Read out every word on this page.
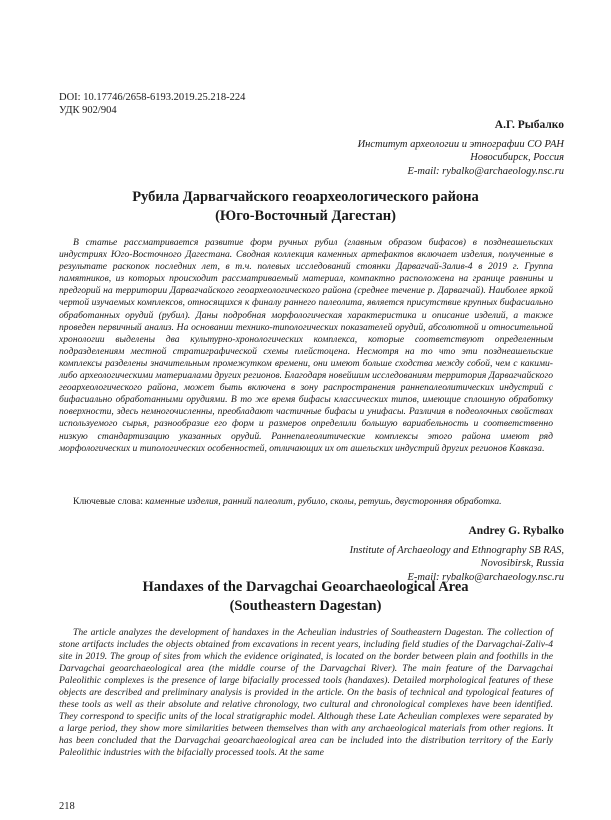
DOI: 10.17746/2658-6193.2019.25.218-224
УДК 902/904
А.Г. Рыбалко
Институт археологии и этнографии СО РАН
Новосибирск, Россия
E-mail: rybalko@archaeology.nsc.ru
Рубила Дарвагчайского геоархеологического района
(Юго-Восточный Дагестан)
В статье рассматривается развитие форм ручных рубил (главным образом бифасов) в позднеашельских индустриях Юго-Восточного Дагестана. Сводная коллекция каменных артефактов включает изделия, полученные в результате раскопок последних лет, в т.ч. полевых исследований стоянки Дарвагчай-Залив-4 в 2019 г. Группа памятников, из которых происходит рассматриваемый материал, компактно расположена на границе равнины и предгорий на территории Дарвагчайского геоархеологического района (среднее течение р. Дарвагчай). Наиболее яркой чертой изучаемых комплексов, относящихся к финалу раннего палеолита, является присутствие крупных бифасиально обработанных орудий (рубил). Даны подробная морфологическая характеристика и описание изделий, а также проведен первичный анализ. На основании технико-типологических показателей орудий, абсолютной и относительной хронологии выделены два культурно-хронологических комплекса, которые соответствуют определенным подразделениям местной стратиграфической схемы плейстоцена. Несмотря на то что эти позднеашельские комплексы разделены значительным промежутком времени, они имеют больше сходства между собой, чем с какими-либо археологическими материалами других регионов. Благодаря новейшим исследованиям территория Дарвагчайского геоархеологического района, может быть включена в зону распространения раннепалеолитических индустрий с бифасиально обработанными орудиями. В то же время бифасы классических типов, имеющие сплошную обработку поверхности, здесь немногочисленны, преобладают частичные бифасы и унифасы. Различия в подеолочных свойствах используемого сырья, разнообразие его форм и размеров определили большую вариабельность и соответственно низкую стандартизацию указанных орудий. Раннепалеолитические комплексы этого района имеют ряд морфологических и типологических особенностей, отличающих их от ашельских индустрий других регионов Кавказа.
Ключевые слова: каменные изделия, ранний палеолит, рубило, сколы, ретушь, двусторонняя обработка.
Andrey G. Rybalko
Institute of Archaeology and Ethnography SB RAS,
Novosibirsk, Russia
E-mail: rybalko@archaeology.nsc.ru
Handaxes of the Darvagchai Geoarchaeological Area
(Southeastern Dagestan)
The article analyzes the development of handaxes in the Acheulian industries of Southeastern Dagestan. The collection of stone artifacts includes the objects obtained from excavations in recent years, including field studies of the Darvagchai-Zaliv-4 site in 2019. The group of sites from which the evidence originated, is located on the border between plain and foothills in the Darvagchai geoarchaeological area (the middle course of the Darvagchai River). The main feature of the Darvagchai Paleolithic complexes is the presence of large bifacially processed tools (handaxes). Detailed morphological features of these objects are described and preliminary analysis is provided in the article. On the basis of technical and typological features of these tools as well as their absolute and relative chronology, two cultural and chronological complexes have been identified. They correspond to specific units of the local stratigraphic model. Although these Late Acheulian complexes were separated by a large period, they show more similarities between themselves than with any archaeological materials from other regions. It has been concluded that the Darvagchai geoarchaeological area can be included into the distribution territory of the Early Paleolithic industries with the bifacially processed tools. At the same
218
